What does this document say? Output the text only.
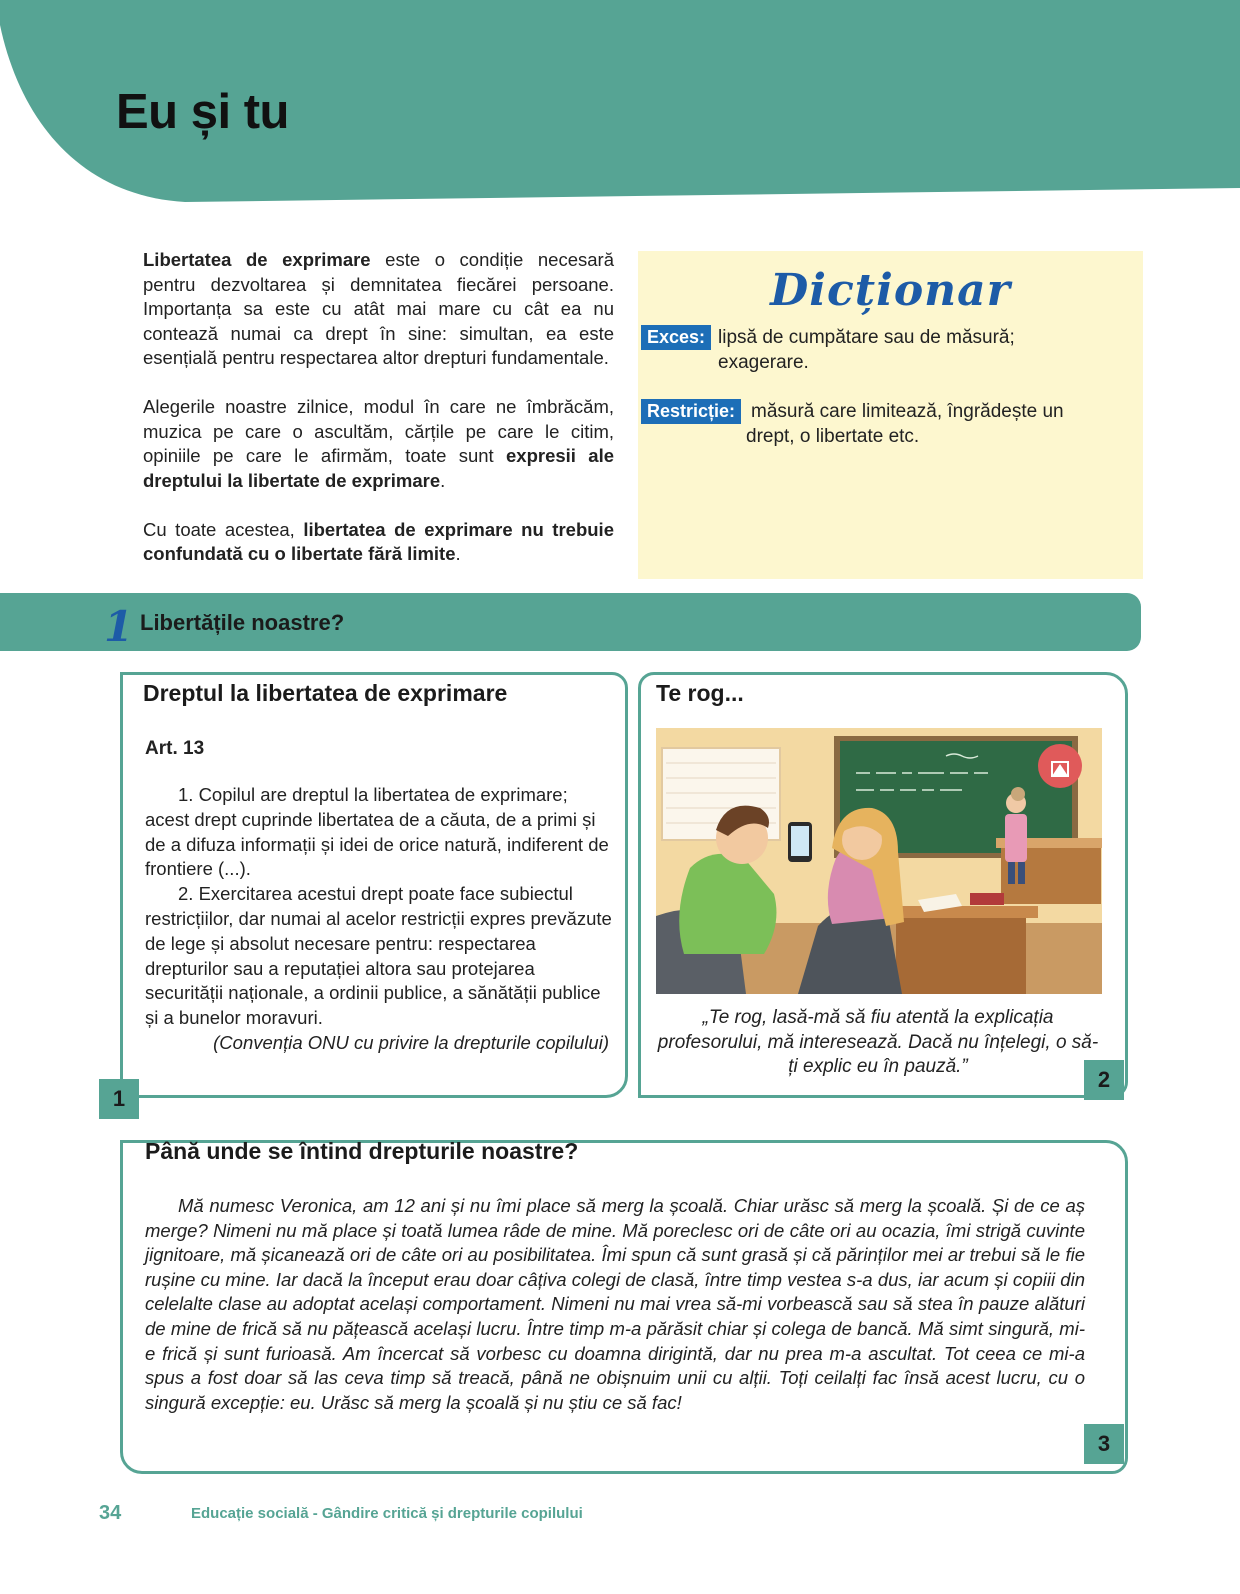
Eu și tu

Libertatea de exprimare este o condiție necesară pentru dezvoltarea și demnitatea fiecărei persoane. Importanța sa este cu atât mai mare cu cât ea nu contează numai ca drept în sine: simultan, ea este esențială pentru respectarea altor drepturi fundamentale.

Alegerile noastre zilnice, modul în care ne îmbrăcăm, muzica pe care o ascultăm, cărțile pe care le citim, opiniile pe care le afirmăm, toate sunt expresii ale dreptului la libertate de exprimare.

Cu toate acestea, libertatea de exprimare nu trebuie confundată cu o libertate fără limite.

Dicționar
Exces: lipsă de cumpătare sau de măsură;
exagerare.
Restricție: măsură care limitează, îngrădește un
drept, o libertate etc.
1 Libertățile noastre?
Dreptul la libertatea de exprimare
Art. 13

1. Copilul are dreptul la libertatea de exprimare; acest drept cuprinde libertatea de a căuta, de a primi și de a difuza informații și idei de orice natură, indiferent de frontiere (...).

2. Exercitarea acestui drept poate face subiectul restricțiilor, dar numai al acelor restricții expres prevăzute de lege și absolut necesare pentru: respectarea drepturilor sau a reputației altora sau protejarea securității naționale, a ordinii publice, a sănătății publice și a bunelor moravuri.

(Convenția ONU cu privire la drepturile copilului)

1
Te rog...
„Te rog, lasă-mă să fiu atentă la explicația profesorului, mă interesează. Dacă nu înțelegi, o să-ți explic eu în pauză.”
2
Până unde se întind drepturile noastre?

Mă numesc Veronica, am 12 ani și nu îmi place să merg la școală. Chiar urăsc să merg la școală. Și de ce aș merge? Nimeni nu mă place și toată lumea râde de mine. Mă poreclesc ori de câte ori au ocazia, îmi strigă cuvinte jignitoare, mă șicanează ori de câte ori au posibilitatea. Îmi spun că sunt grasă și că părinților mei ar trebui să le fie rușine cu mine. Iar dacă la început erau doar câțiva colegi de clasă, între timp vestea s-a dus, iar acum și copiii din celelalte clase au adoptat același comportament. Nimeni nu mai vrea să-mi vorbească sau să stea în pauze alături de mine de frică să nu pățească același lucru. Între timp m-a părăsit chiar și colega de bancă. Mă simt singură, mi-e frică și sunt furioasă. Am încercat să vorbesc cu doamna dirigintă, dar nu prea m-a ascultat. Tot ceea ce mi-a spus a fost doar să las ceva timp să treacă, până ne obișnuim unii cu alții. Toți ceilalți fac însă acest lucru, cu o singură excepție: eu. Urăsc să merg la școală și nu știu ce să fac!

3
34	Educație socială - Gândire critică și drepturile copilului
